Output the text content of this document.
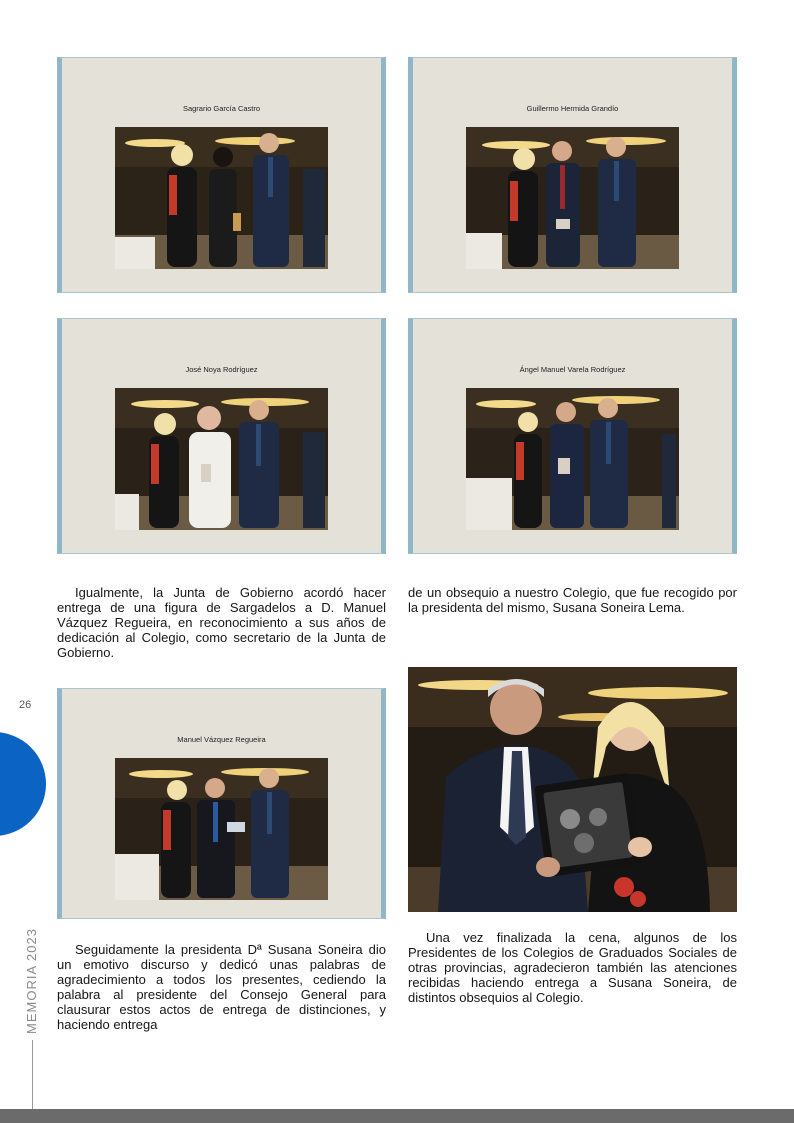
Sagrario García Castro	Guillermo Hermida Grandío
José Noya Rodríguez	Ángel Manuel Varela Rodríguez
Manuel Vázquez Regueira

Igualmente, la Junta de Gobierno acordó hacer entrega de una figura de Sargadelos a D. Manuel Vázquez Regueira, en reconocimiento a sus años de dedicación al Colegio, como secretario de la Junta de Gobierno.

de un obsequio a nuestro Colegio, que fue recogido por la presidenta del mismo, Susana Soneira Lema.

Seguidamente la presidenta Dª Susana Soneira dio un emotivo discurso y dedicó unas palabras de agradecimiento a todos los presentes, cediendo la palabra al presidente del Consejo General para clausurar estos actos de entrega de distinciones, y haciendo entrega

Una vez finalizada la cena, algunos de los Presidentes de los Colegios de Graduados Sociales de otras provincias, agradecieron también las atenciones recibidas haciendo entrega a Susana Soneira, de distintos obsequios al Colegio.

26
MEMORIA 2023
